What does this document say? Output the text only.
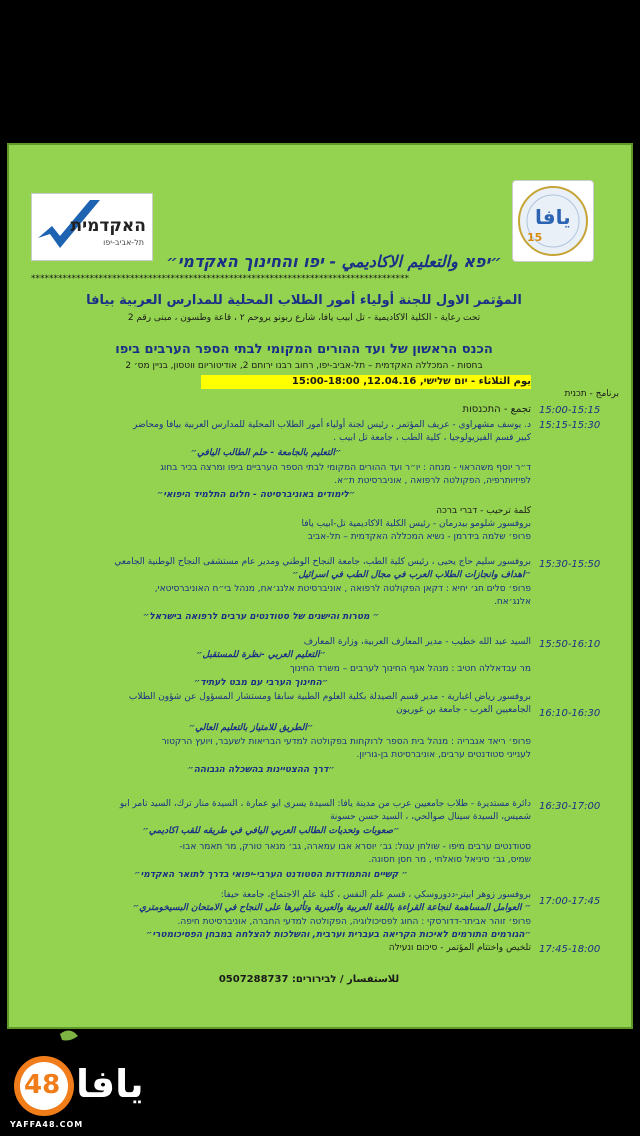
האקדמית
תל-אביב-יפו
يافا
15
״יפא والتعليم الاكاديمي - יפו והחינוך האקדמי״
************************************************************************************
المؤتمر الاول للجنة أولياء أمور الطلاب المحلية للمدارس العربية بيافا
تحت رعاية - الكلية الاكاديمية - تل ابيب يافا، شارع ربونو يروحم ٢ ، قاعة وطسون ، مبنى رقم 2
הכנס הראשון של ועד ההורים המקומי לבתי הספר הערבים ביפו
בחסות - המכללה האקדמית – תל-אביב-יפו, רחוב רבנו ירוחם 2, אודיטוריום ווטסון, בניין מס׳ 2
يوم الثلاثاء - יום שלישי, 12.04.16, 15:00-18:00
برنامج - תכנית
15:00-15:15
تجمع - התכנסות
15:15-15:30
د. يوسف مشهراوي - عريف المؤتمر ، رئيس لجنة أولياء أمور الطلاب المحلية للمدارس العربية بيافا ومحاضر
كبير قسم الفيزيولوجيا ، كلية الطب ، جامعة تل ابيب .
״التعليم بالجامعة - حلم الطالب اليافي״
ד״ר יוסף משהראוי - מנחה : יו״ר ועד ההורים המקומי לבתי הספר הערביים ביפו ומרצה בכיר בחוג
לפיזיותרפיה, הפקולטה לרפואה , אוניברסיטת ת״א.
״לימודים באוניברסיטה - חלום התלמיד היפואי״
كلمة ترحيب - דברי ברכה
بروفسور شلومو بيدرمان - رئيس الكلية الاكاديمية تل-ابيب يافا
פרופ׳ שלמה בידרמן - נשיא המכללה האקדמית – תל-אביב
15:30-15:50
بروفسور سليم حاج يحيى ، رئيس كلية الطب، جامعة النجاح الوطني ومدير عام مستشفى النجاح الوطنية الجامعي
״اهداف وانجازات الطلاب العرب في مجال الطب في اسرائيل״
פרופ׳ סלים חג׳ יחיא : דקאן הפקולטה לרפואה , אוניברסיטת אלנג׳אח, מנהל בי״ח האוניברסיטאי,
אלנג׳אח.
״ מטרות והישגים של סטודנטים ערבים לרפואה בישראל״
15:50-16:10
السيد عبد الله خطيب - مدير المعارف العربية، وزارة المعارف
״التعليم العربي -نظرة للمستقبل״
מר עבדאללה חטיב : מנהל אגף החינוך לערבים – משרד החינוך
״החינוך הערבי עם מבט לעתיד״
16:10-16:30
بروفسور رياض اغبارية - مدير قسم الصيدلة بكلية العلوم الطبية سابقا ومستشار المسؤول عن شؤون الطلاب
الجامعيين العرب - جامعة بن غوريون
״الطريق للامتياز بالتعليم العالي״
פרופ׳ ריאד אגבריה : מנהל בית הספר לרוקחות בפקולטה למדעי הבריאות לשעבר, ויועץ הרקטור
לענייני סטודנטים ערבים, אוניברסיטת בן-גוריון.
״דרך ההצטיינות בהשכלה הגבוהה״
16:30-17:00
دائرة مستديرة - طلاب جامعيين عرب من مدينة يافا: السيدة يسرى ابو عمارة ، السيدة منار ترك، السيد تامر ابو
شميس، السيدة سينال صوالحي، ، السيد حسن حسونة
״صعوبات وتحديات الطالب العربي اليافي في طريقه للقب اكاديمي״
סטודנטים ערבים מיפו - שולחן עגול: גב׳ יוסרא אבו עמארה, גב׳ מנאר טורק, מר תאמר אבו-
שמיס, גב׳ סיניאל סואלחי , מר חסן חסונה.
״ קשיים והתמודדות הסטודנט הערבי-יפואי בדרך לתואר האקדמי״
17:00-17:45
بروفسور زوهر ابيتر-ددوروسكي ، قسم علم النفس ، كلية علم الاجتماع، جامعة حيفا:
״ العوامل المساهمة لنجاعة القراءة باللغة العربية والعبرية وتأثيرها على النجاح في الامتحان البسيخومتري״
פרופ׳ זוהר אביתר-דדורסקי : החוג לפסיכולוגיה, הפקולטה למדעי החברה, אוניברסיטת חיפה.
״הגורמים התורמים לאיכות הקריאה בעברית וערבית, והשלכות להצלחה במבחן הפסיכומטרי״
17:45-18:00
تلخيص واختتام المؤتمر - סיכום ונעילה
للاستفسار / לבירורים: 0507288737
48 يافا
YAFFA48.COM
